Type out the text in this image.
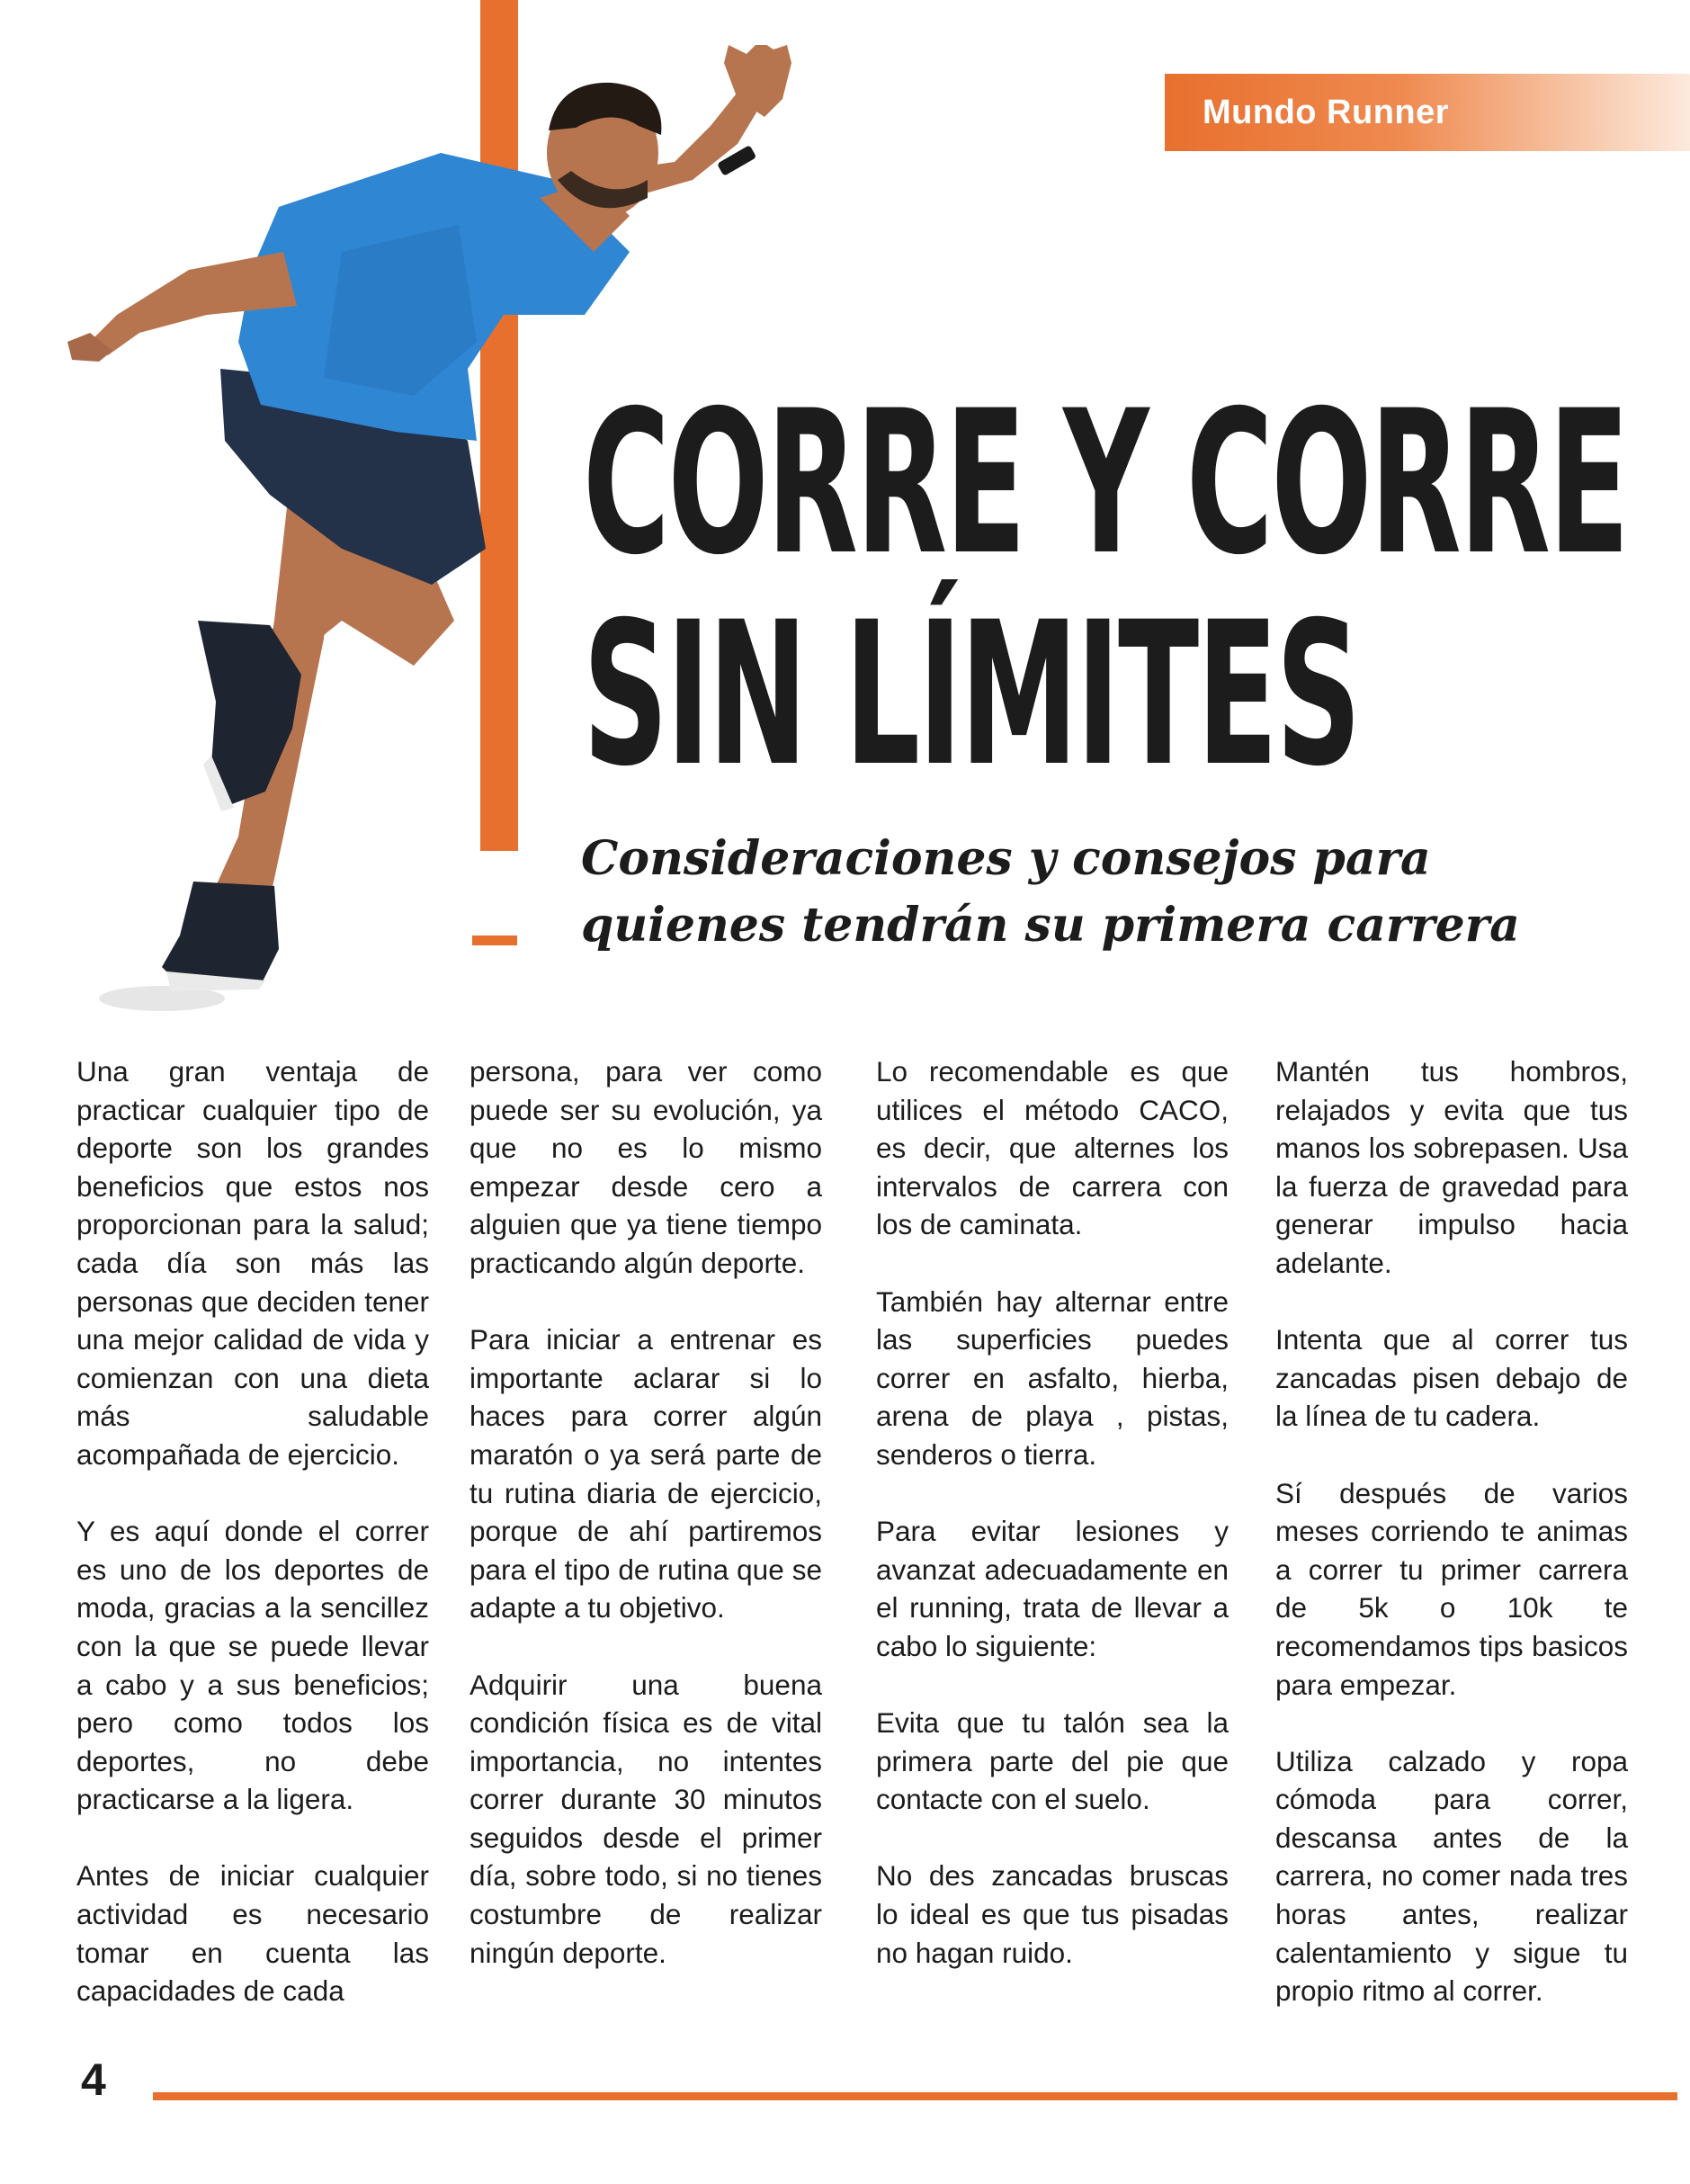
Mundo Runner
CORRE Y CORRE
SIN LÍMITES
Consideraciones y consejos para
quienes tendrán su primera carrera

Una gran ventaja de practicar cualquier tipo de deporte son los grandes beneficios que estos nos proporcionan para la salud; cada día son más las personas que deciden tener una mejor calidad de vida y comienzan con una dieta más saludable acompañada de ejercicio.

Y es aquí donde el correr es uno de los deportes de moda, gracias a la sencillez con la que se puede llevar a cabo y a sus beneficios; pero como todos los deportes, no debe practicarse a la ligera.

Antes de iniciar cualquier actividad es necesario tomar en cuenta las capacidades de cada

persona, para ver como puede ser su evolución, ya que no es lo mismo empezar desde cero a alguien que ya tiene tiempo practicando algún deporte.

Para iniciar a entrenar es importante aclarar si lo haces para correr algún maratón o ya será parte de tu rutina diaria de ejercicio, porque de ahí partiremos para el tipo de rutina que se adapte a tu objetivo.

Adquirir una buena condición física es de vital importancia, no intentes correr durante 30 minutos seguidos desde el primer día, sobre todo, si no tienes costumbre de realizar ningún deporte.

Lo recomendable es que utilices el método CACO, es decir, que alternes los intervalos de carrera con los de caminata.

También hay alternar entre las superficies puedes correr en asfalto, hierba, arena de playa , pistas, senderos o tierra.

Para evitar lesiones y avanzat adecuadamente en el running, trata de llevar a cabo lo siguiente:

Evita que tu talón sea la primera parte del pie que contacte con el suelo.

No des zancadas bruscas lo ideal es que tus pisadas no hagan ruido.

Mantén tus hombros, relajados y evita que tus manos los sobrepasen. Usa la fuerza de gravedad para generar impulso hacia adelante.

Intenta que al correr tus zancadas pisen debajo de la línea de tu cadera.

Sí después de varios meses corriendo te animas a correr tu primer carrera de 5k o 10k te recomendamos tips basicos para empezar.

Utiliza calzado y ropa cómoda para correr, descansa antes de la carrera, no comer nada tres horas antes, realizar calentamiento y sigue tu propio ritmo al correr.

4
